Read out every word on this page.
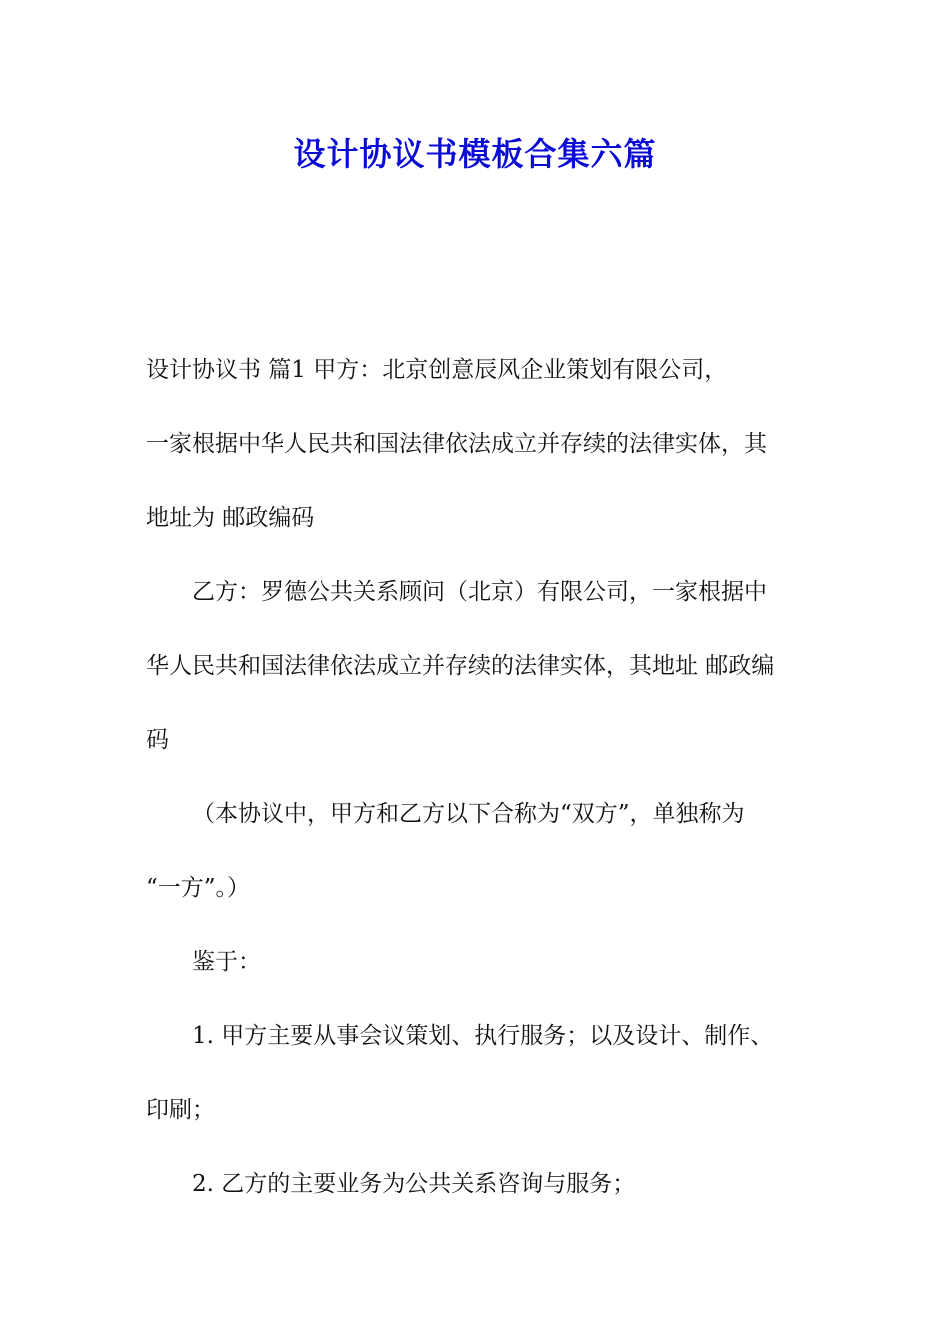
设计协议书模板合集六篇
设计协议书 篇1 甲方：北京创意辰风企业策划有限公司，
一家根据中华人民共和国法律依法成立并存续的法律实体，其
地址为 邮政编码
乙方：罗德公共关系顾问（北京）有限公司，一家根据中
华人民共和国法律依法成立并存续的法律实体，其地址 邮政编
码
（本协议中，甲方和乙方以下合称为“双方”，单独称为
“一方”。）
鉴于：
1. 甲方主要从事会议策划、执行服务；以及设计、制作、
印刷；
2. 乙方的主要业务为公共关系咨询与服务；
